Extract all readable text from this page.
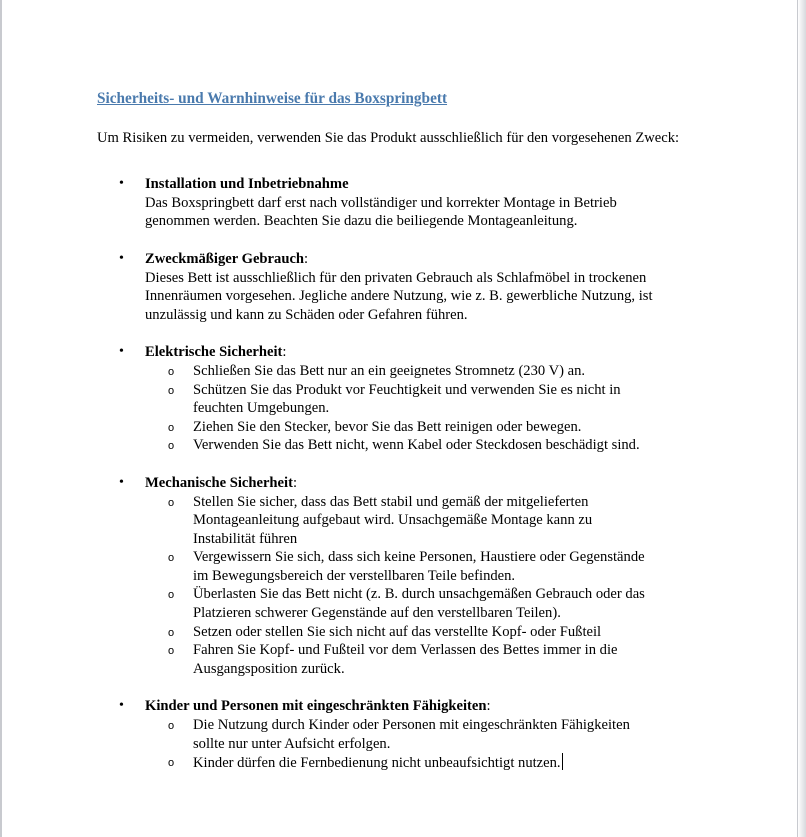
Sicherheits- und Warnhinweise für das Boxspringbett
Um Risiken zu vermeiden, verwenden Sie das Produkt ausschließlich für den vorgesehenen Zweck:
• Installation und Inbetriebnahme
Das Boxspringbett darf erst nach vollständiger und korrekter Montage in Betrieb
genommen werden. Beachten Sie dazu die beiliegende Montageanleitung.
• Zweckmäßiger Gebrauch:
Dieses Bett ist ausschließlich für den privaten Gebrauch als Schlafmöbel in trockenen
Innenräumen vorgesehen. Jegliche andere Nutzung, wie z. B. gewerbliche Nutzung, ist
unzulässig und kann zu Schäden oder Gefahren führen.
• Elektrische Sicherheit:
o Schließen Sie das Bett nur an ein geeignetes Stromnetz (230 V) an.
o Schützen Sie das Produkt vor Feuchtigkeit und verwenden Sie es nicht in
feuchten Umgebungen.
o Ziehen Sie den Stecker, bevor Sie das Bett reinigen oder bewegen.
o Verwenden Sie das Bett nicht, wenn Kabel oder Steckdosen beschädigt sind.
• Mechanische Sicherheit:
o Stellen Sie sicher, dass das Bett stabil und gemäß der mitgelieferten
Montageanleitung aufgebaut wird. Unsachgemäße Montage kann zu
Instabilität führen
o Vergewissern Sie sich, dass sich keine Personen, Haustiere oder Gegenstände
im Bewegungsbereich der verstellbaren Teile befinden.
o Überlasten Sie das Bett nicht (z. B. durch unsachgemäßen Gebrauch oder das
Platzieren schwerer Gegenstände auf den verstellbaren Teilen).
o Setzen oder stellen Sie sich nicht auf das verstellte Kopf- oder Fußteil
o Fahren Sie Kopf- und Fußteil vor dem Verlassen des Bettes immer in die
Ausgangsposition zurück.
• Kinder und Personen mit eingeschränkten Fähigkeiten:
o Die Nutzung durch Kinder oder Personen mit eingeschränkten Fähigkeiten
sollte nur unter Aufsicht erfolgen.
o Kinder dürfen die Fernbedienung nicht unbeaufsichtigt nutzen.
